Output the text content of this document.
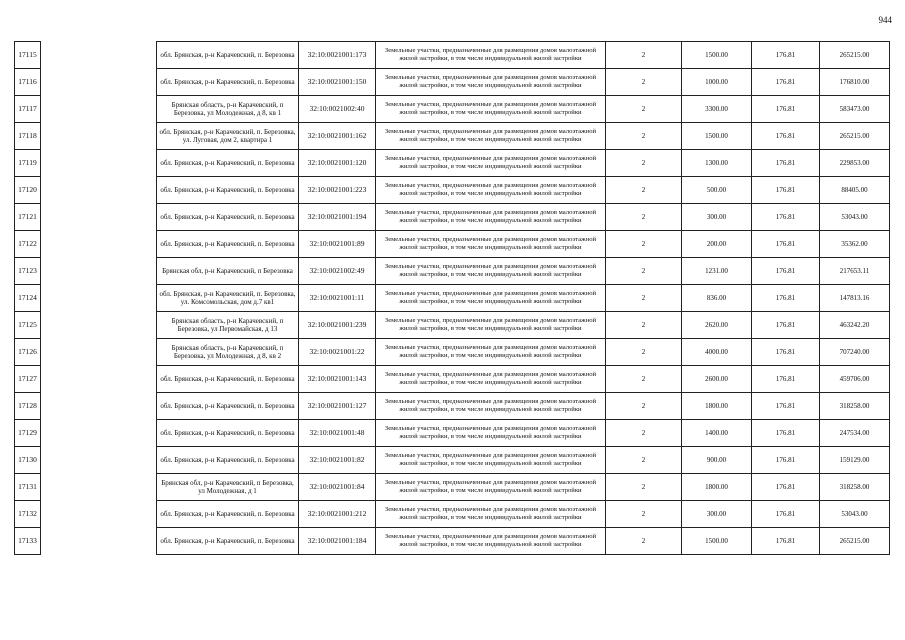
944
17115		обл. Брянская, р-н Карачевский, п. Березовка	32:10:0021001:173	Земельные участки, предназначенные для размещения домов малоэтажной жилой застройки, в том числе индивидуальной жилой застройки	2	1500.00	176.81	265215.00
17116		обл. Брянская, р-н Карачевский, п. Березовка	32:10:0021001:150	Земельные участки, предназначенные для размещения домов малоэтажной жилой застройки, в том числе индивидуальной жилой застройки	2	1000.00	176.81	176810.00
17117		Брянская область, р-н Карачевский, п Березовка, ул Молодежная, д 8, кв 1	32:10:0021002:40	Земельные участки, предназначенные для размещения домов малоэтажной жилой застройки, в том числе индивидуальной жилой застройки	2	3300.00	176.81	583473.00
17118		обл. Брянская, р-н Карачевский, п. Березовка, ул. Луговая, дом 2, квартира 1	32:10:0021001:162	Земельные участки, предназначенные для размещения домов малоэтажной жилой застройки, в том числе индивидуальной жилой застройки	2	1500.00	176.81	265215.00
17119		обл. Брянская, р-н Карачевский, п. Березовка	32:10:0021001:120	Земельные участки, предназначенные для размещения домов малоэтажной жилой застройки, в том числе индивидуальной жилой застройки	2	1300.00	176.81	229853.00
17120		обл. Брянская, р-н Карачевский, п. Березовка	32:10:0021001:223	Земельные участки, предназначенные для размещения домов малоэтажной жилой застройки, в том числе индивидуальной жилой застройки	2	500.00	176.81	88405.00
17121		обл. Брянская, р-н Карачевский, п. Березовка	32:10:0021001:194	Земельные участки, предназначенные для размещения домов малоэтажной жилой застройки, в том числе индивидуальной жилой застройки	2	300.00	176.81	53043.00
17122		обл. Брянская, р-н Карачевский, п. Березовка	32:10:0021001:89	Земельные участки, предназначенные для размещения домов малоэтажной жилой застройки, в том числе индивидуальной жилой застройки	2	200.00	176.81	35362.00
17123		Брянская обл, р-н Карачевский, п Березовка	32:10:0021002:49	Земельные участки, предназначенные для размещения домов малоэтажной жилой застройки, в том числе индивидуальной жилой застройки	2	1231.00	176.81	217653.11
17124		обл. Брянская, р-н Карачевский, п. Березовка, ул. Комсомольская, дом д.7 кв1	32:10:0021001:11	Земельные участки, предназначенные для размещения домов малоэтажной жилой застройки, в том числе индивидуальной жилой застройки	2	836.00	176.81	147813.16
17125		Брянская область, р-н Карачевский, п Березовка, ул Первомайская, д 13	32:10:0021001:239	Земельные участки, предназначенные для размещения домов малоэтажной жилой застройки, в том числе индивидуальной жилой застройки	2	2620.00	176.81	463242.20
17126		Брянская область, р-н Карачевский, п Березовка, ул Молодежная, д 8, кв 2	32:10:0021001:22	Земельные участки, предназначенные для размещения домов малоэтажной жилой застройки, в том числе индивидуальной жилой застройки	2	4000.00	176.81	707240.00
17127		обл. Брянская, р-н Карачевский, п. Березовка	32:10:0021001:143	Земельные участки, предназначенные для размещения домов малоэтажной жилой застройки, в том числе индивидуальной жилой застройки	2	2600.00	176.81	459706.00
17128		обл. Брянская, р-н Карачевский, п. Березовка	32:10:0021001:127	Земельные участки, предназначенные для размещения домов малоэтажной жилой застройки, в том числе индивидуальной жилой застройки	2	1800.00	176.81	318258.00
17129		обл. Брянская, р-н Карачевский, п. Березовка	32:10:0021001:48	Земельные участки, предназначенные для размещения домов малоэтажной жилой застройки, в том числе индивидуальной жилой застройки	2	1400.00	176.81	247534.00
17130		обл. Брянская, р-н Карачевский, п. Березовка	32:10:0021001:82	Земельные участки, предназначенные для размещения домов малоэтажной жилой застройки, в том числе индивидуальной жилой застройки	2	900.00	176.81	159129.00
17131		Брянская обл, р-н Карачевский, п Березовка, ул Молодежная, д 1	32:10:0021001:84	Земельные участки, предназначенные для размещения домов малоэтажной жилой застройки, в том числе индивидуальной жилой застройки	2	1800.00	176.81	318258.00
17132		обл. Брянская, р-н Карачевский, п. Березовка	32:10:0021001:212	Земельные участки, предназначенные для размещения домов малоэтажной жилой застройки, в том числе индивидуальной жилой застройки	2	300.00	176.81	53043.00
17133		обл. Брянская, р-н Карачевский, п. Березовка	32:10:0021001:184	Земельные участки, предназначенные для размещения домов малоэтажной жилой застройки, в том числе индивидуальной жилой застройки	2	1500.00	176.81	265215.00
